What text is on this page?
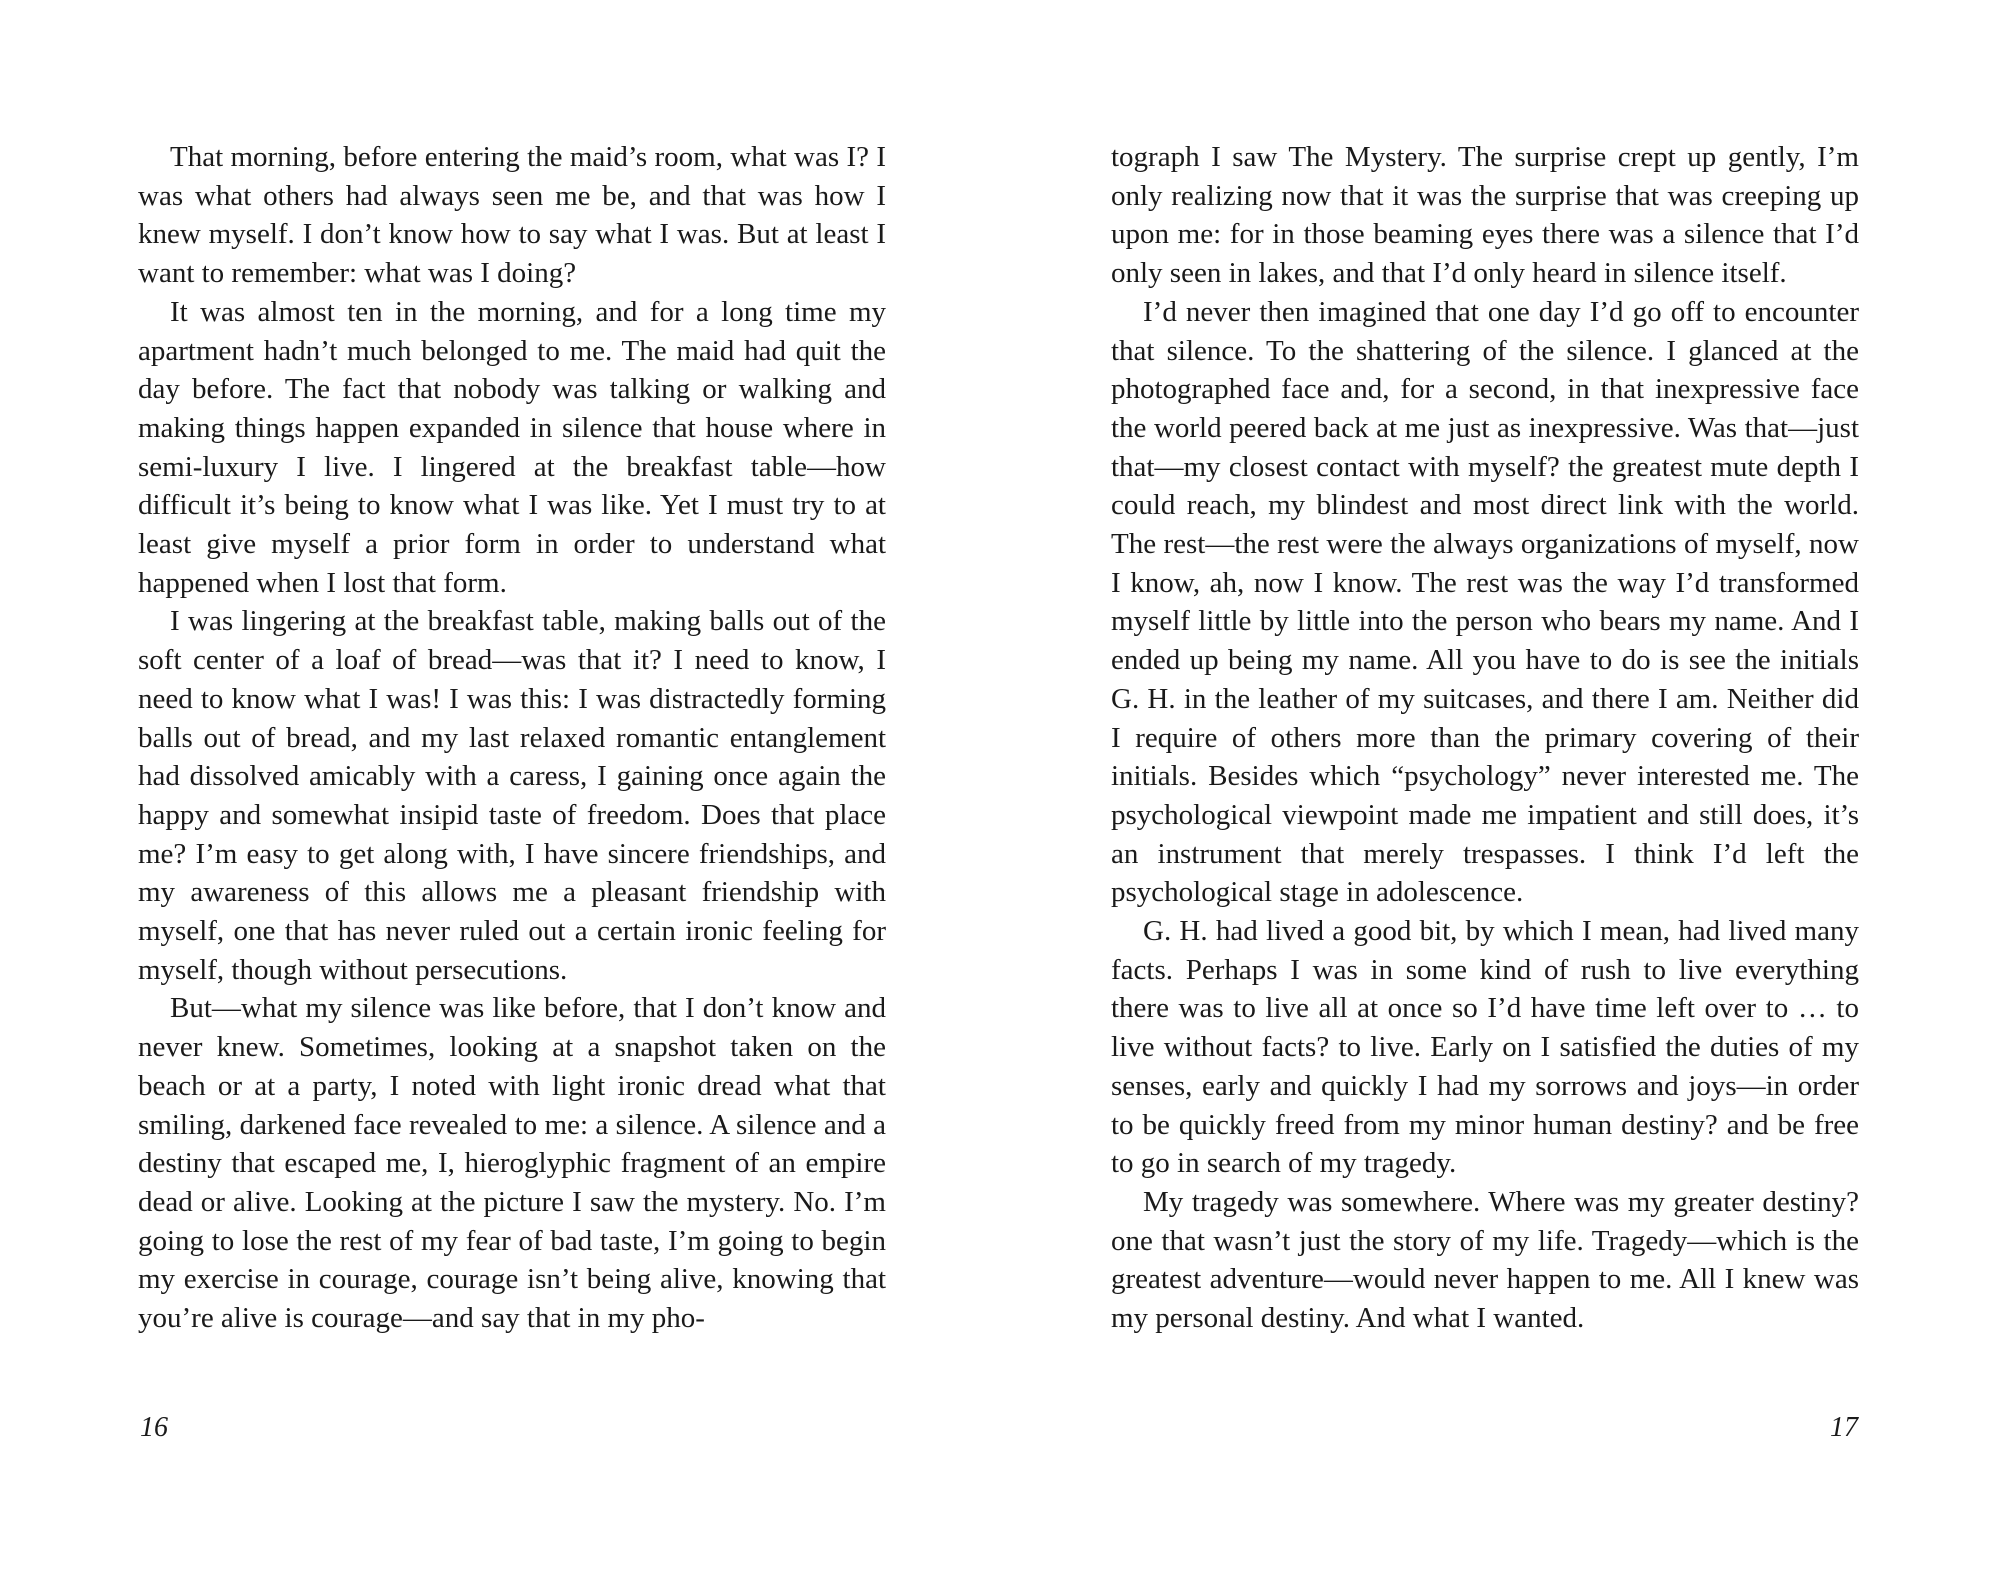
That morning, before entering the maid’s room, what was I? I was what others had always seen me be, and that was how I knew myself. I don’t know how to say what I was. But at least I want to remember: what was I doing?

It was almost ten in the morning, and for a long time my apartment hadn’t much belonged to me. The maid had quit the day before. The fact that nobody was talking or walking and making things happen expanded in silence that house where in semi-luxury I live. I lingered at the breakfast table—how difficult it’s being to know what I was like. Yet I must try to at least give myself a prior form in order to understand what happened when I lost that form.

I was lingering at the breakfast table, making balls out of the soft center of a loaf of bread—was that it? I need to know, I need to know what I was! I was this: I was distractedly forming balls out of bread, and my last relaxed romantic entanglement had dissolved amicably with a caress, I gaining once again the happy and somewhat insipid taste of freedom. Does that place me? I’m easy to get along with, I have sincere friendships, and my awareness of this allows me a pleasant friendship with myself, one that has never ruled out a certain ironic feeling for myself, though without persecutions.

But—what my silence was like before, that I don’t know and never knew. Sometimes, looking at a snapshot taken on the beach or at a party, I noted with light ironic dread what that smiling, darkened face revealed to me: a silence. A silence and a destiny that escaped me, I, hieroglyphic fragment of an empire dead or alive. Looking at the picture I saw the mystery. No. I’m going to lose the rest of my fear of bad taste, I’m going to begin my exercise in courage, courage isn’t being alive, knowing that you’re alive is courage—and say that in my pho-

16

tograph I saw The Mystery. The surprise crept up gently, I’m only realizing now that it was the surprise that was creeping up upon me: for in those beaming eyes there was a silence that I’d only seen in lakes, and that I’d only heard in silence itself.

I’d never then imagined that one day I’d go off to encounter that silence. To the shattering of the silence. I glanced at the photographed face and, for a second, in that inexpressive face the world peered back at me just as inexpressive. Was that—just that—my closest contact with myself? the greatest mute depth I could reach, my blindest and most direct link with the world. The rest—the rest were the always organizations of myself, now I know, ah, now I know. The rest was the way I’d transformed myself little by little into the person who bears my name. And I ended up being my name. All you have to do is see the initials G. H. in the leather of my suitcases, and there I am. Neither did I require of others more than the primary covering of their initials. Besides which “psychology” never interested me. The psychological viewpoint made me impatient and still does, it’s an instrument that merely trespasses. I think I’d left the psychological stage in adolescence.

G. H. had lived a good bit, by which I mean, had lived many facts. Perhaps I was in some kind of rush to live everything there was to live all at once so I’d have time left over to … to live without facts? to live. Early on I satisfied the duties of my senses, early and quickly I had my sorrows and joys—in order to be quickly freed from my minor human destiny? and be free to go in search of my tragedy.

My tragedy was somewhere. Where was my greater destiny? one that wasn’t just the story of my life. Tragedy—which is the greatest adventure—would never happen to me. All I knew was my personal destiny. And what I wanted.

17
